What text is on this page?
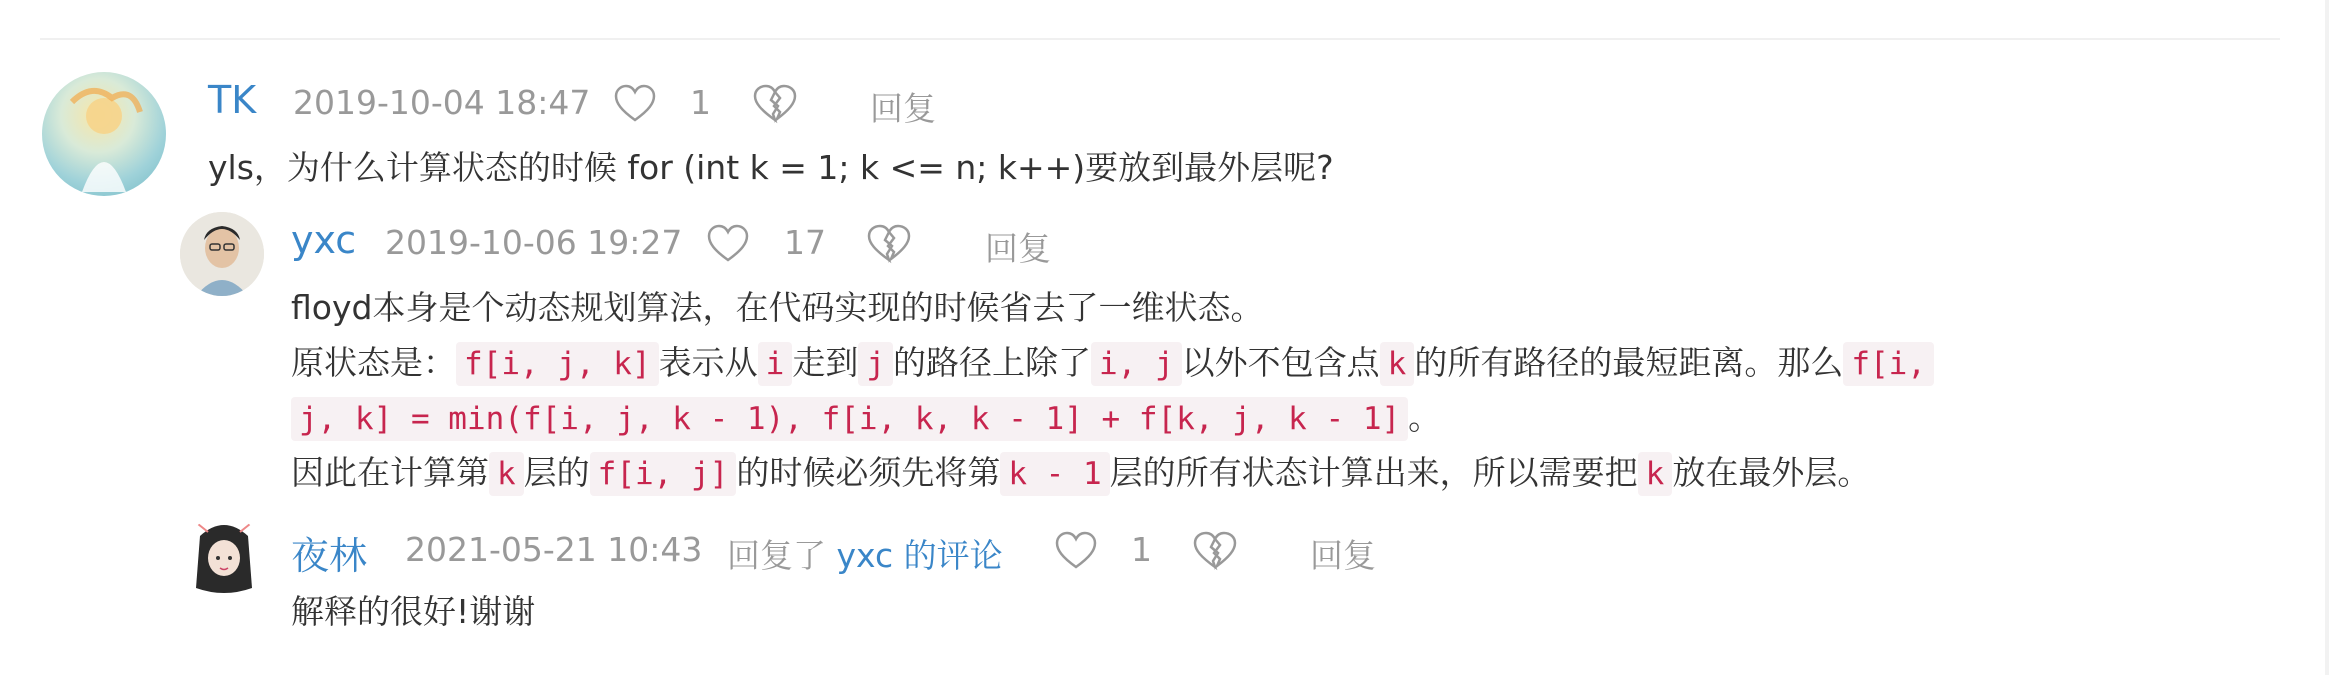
TK 2019-10-04 18:47	1	回复
yls，为什么计算状态的时候 for (int k = 1; k <= n; k++)要放到最外层呢?
yxc 2019-10-06 19:27	17	回复
floyd本身是个动态规划算法，在代码实现的时候省去了一维状态。
原状态是： f[i, j, k] 表示从 i 走到 j 的路径上除了 i, j 以外不包含点 k 的所有路径的最短距离。那么 f[i,
j, k] = min(f[i, j, k - 1), f[i, k, k - 1] + f[k, j, k - 1] 。
因此在计算第 k 层的 f[i, j] 的时候必须先将第 k - 1 层的所有状态计算出来，所以需要把 k 放在最外层。
夜林 2021-05-21 10:43 回复了 yxc 的评论	1	回复
解释的很好!谢谢
